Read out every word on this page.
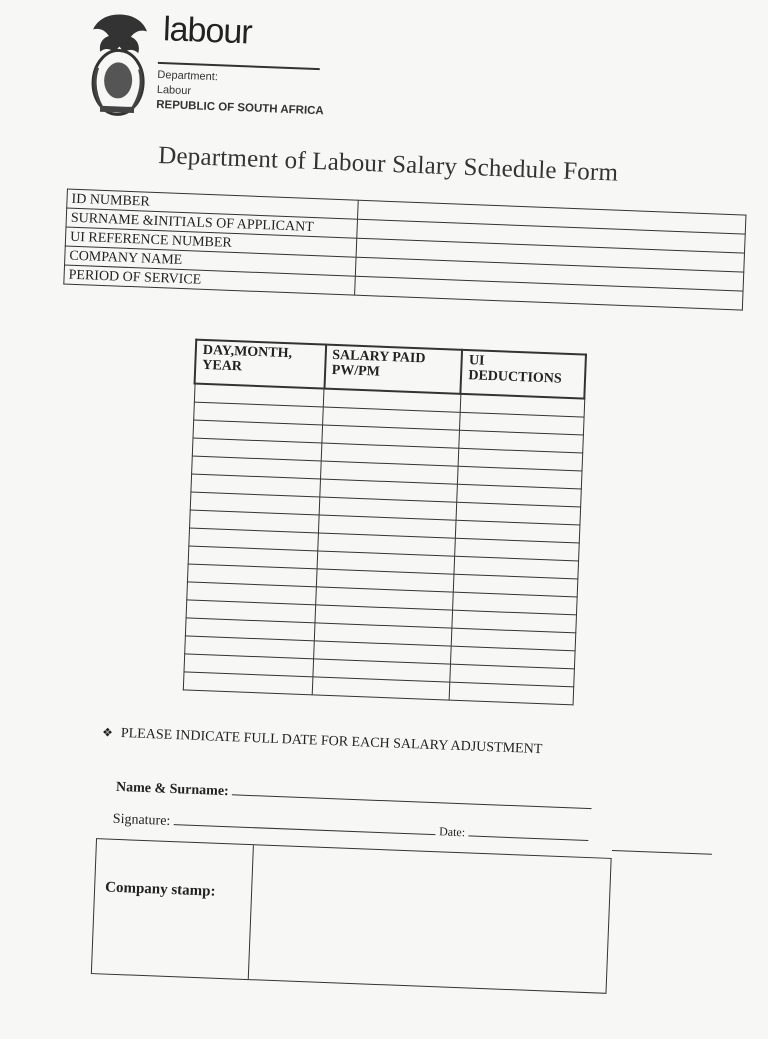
labour
Department:
Labour
REPUBLIC OF SOUTH AFRICA
Department of Labour Salary Schedule Form
ID NUMBER	
SURNAME &INITIALS OF APPLICANT	
UI REFERENCE NUMBER	
COMPANY NAME	
PERIOD OF SERVICE	
DAY,MONTH, YEAR	SALARY PAID PW/PM	UI DEDUCTIONS

❖ PLEASE INDICATE FULL DATE FOR EACH SALARY ADJUSTMENT
Name & Surname:
Signature:  Date:
Company stamp:
